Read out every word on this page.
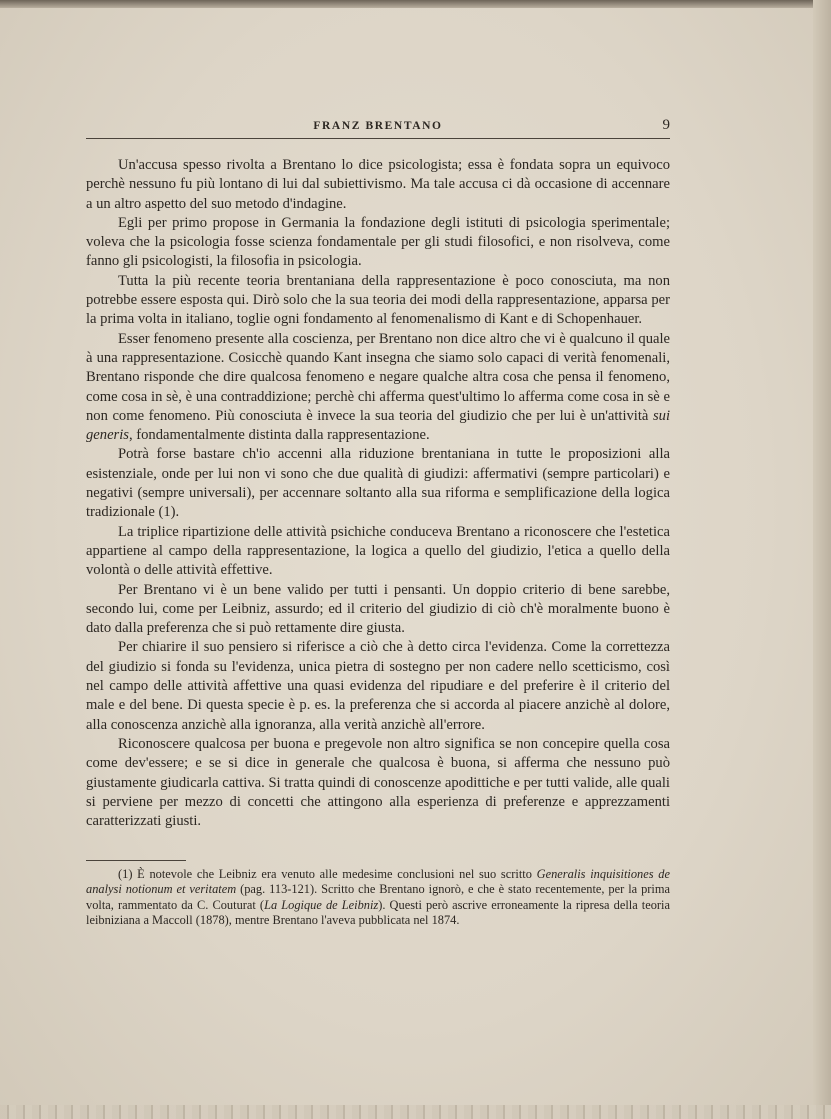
FRANZ BRENTANO	9

Un'accusa spesso rivolta a Brentano lo dice psicologista; essa è fondata sopra un equivoco perchè nessuno fu più lontano di lui dal subiettivismo. Ma tale accusa ci dà occasione di accennare a un altro aspetto del suo metodo d'indagine.

Egli per primo propose in Germania la fondazione degli istituti di psicologia sperimentale; voleva che la psicologia fosse scienza fondamentale per gli studi filosofici, e non risolveva, come fanno gli psicologisti, la filosofia in psicologia.

Tutta la più recente teoria brentaniana della rappresentazione è poco conosciuta, ma non potrebbe essere esposta qui. Dirò solo che la sua teoria dei modi della rappresentazione, apparsa per la prima volta in italiano, toglie ogni fondamento al fenomenalismo di Kant e di Schopenhauer.

Esser fenomeno presente alla coscienza, per Brentano non dice altro che vi è qualcuno il quale à una rappresentazione. Cosicchè quando Kant insegna che siamo solo capaci di verità fenomenali, Brentano risponde che dire qualcosa fenomeno e negare qualche altra cosa che pensa il fenomeno, come cosa in sè, è una contraddizione; perchè chi afferma quest'ultimo lo afferma come cosa in sè e non come fenomeno. Più conosciuta è invece la sua teoria del giudizio che per lui è un'attività sui generis, fondamentalmente distinta dalla rappresentazione.

Potrà forse bastare ch'io accenni alla riduzione brentaniana in tutte le proposizioni alla esistenziale, onde per lui non vi sono che due qualità di giudizi: affermativi (sempre particolari) e negativi (sempre universali), per accennare soltanto alla sua riforma e semplificazione della logica tradizionale (1).

La triplice ripartizione delle attività psichiche conduceva Brentano a riconoscere che l'estetica appartiene al campo della rappresentazione, la logica a quello del giudizio, l'etica a quello della volontà o delle attività effettive.

Per Brentano vi è un bene valido per tutti i pensanti. Un doppio criterio di bene sarebbe, secondo lui, come per Leibniz, assurdo; ed il criterio del giudizio di ciò ch'è moralmente buono è dato dalla preferenza che si può rettamente dire giusta.

Per chiarire il suo pensiero si riferisce a ciò che à detto circa l'evidenza. Come la correttezza del giudizio si fonda su l'evidenza, unica pietra di sostegno per non cadere nello scetticismo, così nel campo delle attività affettive una quasi evidenza del ripudiare e del preferire è il criterio del male e del bene. Di questa specie è p. es. la preferenza che si accorda al piacere anzichè al dolore, alla conoscenza anzichè alla ignoranza, alla verità anzichè all'errore.

Riconoscere qualcosa per buona e pregevole non altro significa se non concepire quella cosa come dev'essere; e se si dice in generale che qualcosa è buona, si afferma che nessuno può giustamente giudicarla cattiva. Si tratta quindi di conoscenze apodittiche e per tutti valide, alle quali si perviene per mezzo di concetti che attingono alla esperienza di preferenze e apprezzamenti caratterizzati giusti.

(1) È notevole che Leibniz era venuto alle medesime conclusioni nel suo scritto Generalis inquisitiones de analysi notionum et veritatem (pag. 113-121). Scritto che Brentano ignorò, e che è stato recentemente, per la prima volta, rammentato da C. Couturat (La Logique de Leibniz). Questi però ascrive erroneamente la ripresa della teoria leibniziana a Maccoll (1878), mentre Brentano l'aveva pubblicata nel 1874.
